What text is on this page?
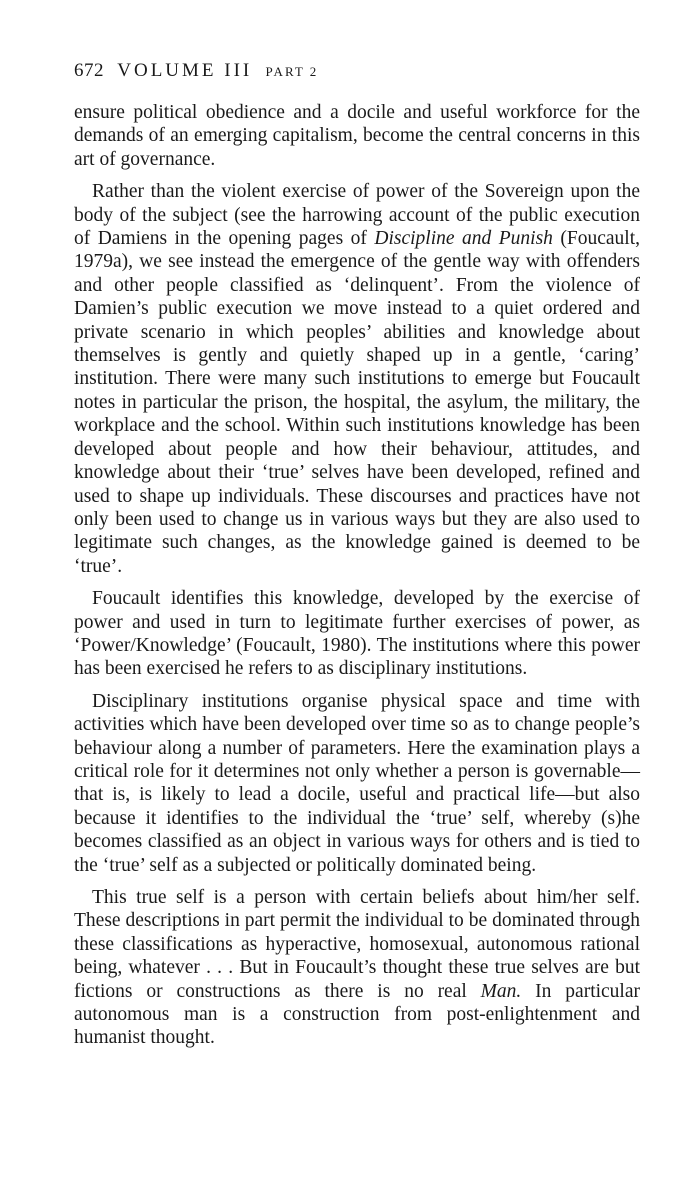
672 VOLUME III PART 2

ensure political obedience and a docile and useful workforce for the demands of an emerging capitalism, become the central concerns in this art of governance.

Rather than the violent exercise of power of the Sovereign upon the body of the subject (see the harrowing account of the public execution of Damiens in the opening pages of Discipline and Punish (Foucault, 1979a), we see instead the emergence of the gentle way with offenders and other people classified as ‘delinquent’. From the violence of Damien’s public execution we move instead to a quiet ordered and private scenario in which peoples’ abilities and knowledge about themselves is gently and quietly shaped up in a gentle, ‘caring’ institution. There were many such institutions to emerge but Foucault notes in particular the prison, the hospital, the asylum, the military, the workplace and the school. Within such institutions knowledge has been developed about people and how their behaviour, attitudes, and knowledge about their ‘true’ selves have been developed, refined and used to shape up individuals. These discourses and practices have not only been used to change us in various ways but they are also used to legitimate such changes, as the knowledge gained is deemed to be ‘true’.

Foucault identifies this knowledge, developed by the exercise of power and used in turn to legitimate further exercises of power, as ‘Power/Knowledge’ (Foucault, 1980). The institutions where this power has been exercised he refers to as disciplinary institutions.

Disciplinary institutions organise physical space and time with activities which have been developed over time so as to change people’s behaviour along a number of parameters. Here the examination plays a critical role for it determines not only whether a person is governable—that is, is likely to lead a docile, useful and practical life—but also because it identifies to the individual the ‘true’ self, whereby (s)he becomes classified as an object in various ways for others and is tied to the ‘true’ self as a subjected or politically dominated being.

This true self is a person with certain beliefs about him/her self. These descriptions in part permit the individual to be dominated through these classifications as hyperactive, homosexual, autonomous rational being, whatever . . . But in Foucault’s thought these true selves are but fictions or constructions as there is no real Man. In particular autonomous man is a construction from post-enlightenment and humanist thought.
